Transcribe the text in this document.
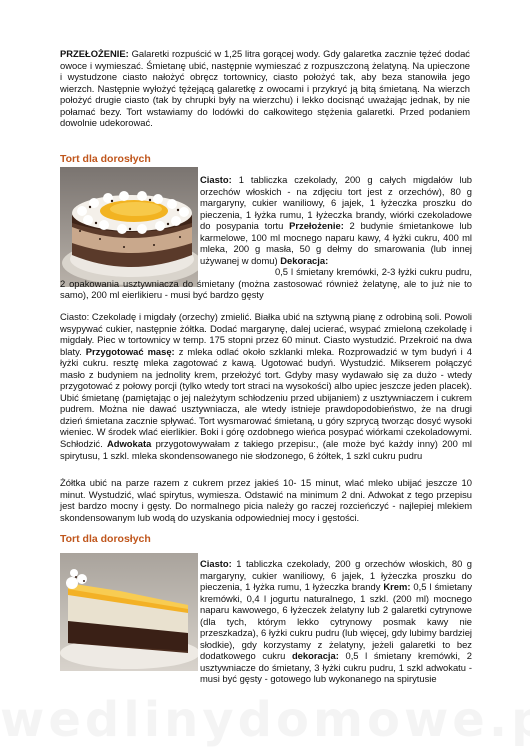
PRZEŁOŻENIE: Galaretki rozpuścić w 1,25 litra gorącej wody. Gdy galaretka zacznie tężeć dodać owoce i wymieszać. Śmietanę ubić, następnie wymieszać z rozpuszczoną żelatyną. Na upieczone i wystudzone ciasto nałożyć obręcz tortownicy, ciasto położyć tak, aby beza stanowiła jego wierzch. Następnie wyłożyć tężejącą galaretkę z owocami i przykryć ją bitą śmietaną. Na wierzch położyć drugie ciasto (tak by chrupki były na wierzchu) i lekko docisnąć uważając jednak, by nie połamać bezy. Tort wstawiamy do lodówki do całkowitego stężenia galaretki. Przed podaniem dowolnie udekorować.

Tort dla dorosłych

Ciasto: 1 tabliczka czekolady, 200 g całych migdałów lub orzechów włoskich - na zdjęciu tort jest z orzechów), 80 g margaryny, cukier waniliowy, 6 jajek, 1 łyżeczka proszku do pieczenia, 1 łyżka rumu, 1 łyżeczka brandy, wiórki czekoladowe do posypania tortu Przełożenie: 2 budynie śmietankowe lub karmelowe, 100 ml mocnego naparu kawy, 4 łyżki cukru, 400 ml mleka, 200 g masła, 50 g dełmy do smarowania (lub innej używanej w domu) Dekoracja:
0,5 l śmietany kremówki, 2-3 łyżki cukru pudru, 2 opakowania usztywniacza do śmietany (można zastosować również żelatynę, ale to już nie to samo), 200 ml eierlikieru - musi być bardzo gęsty

Ciasto: Czekoladę i migdały (orzechy) zmielić. Białka ubić na sztywną pianę z odrobiną soli. Powoli wsypywać cukier, następnie żółtka. Dodać margarynę, dalej ucierać, wsypać zmieloną czekoladę i migdały. Piec w tortownicy w temp. 175 stopni przez 60 minut. Ciasto wystudzić. Przekroić na dwa blaty. Przygotować masę: z mleka odlać około szklanki mleka. Rozprowadzić w tym budyń i 4 łyżki cukru. resztę mleka zagotować z kawą. Ugotować budyń. Wystudzić. Mikserem połączyć masło z budyniem na jednolity krem, przełożyć tort. Gdyby masy wydawało się za dużo - wtedy przygotować z połowy porcji (tylko wtedy tort straci na wysokości) albo upiec jeszcze jeden placek). Ubić śmietanę (pamiętając o jej należytym schłodzeniu przed ubijaniem) z usztywniaczem i cukrem pudrem. Można nie dawać usztywniacza, ale wtedy istnieje prawdopodobieństwo, że na drugi dzień śmietana zacznie spływać. Tort wysmarować śmietaną, u góry szprycą tworząc dosyć wysoki wieniec. W środek wlać eierlikier. Boki i górę ozdobnego wieńca posypać wiórkami czekoladowymi. Schłodzić. Adwokata przygotowywałam z takiego przepisu:, (ale może być każdy inny) 200 ml spirytusu, 1 szkl. mleka skondensowanego nie słodzonego, 6 żółtek, 1 szkl cukru pudru

Żółtka ubić na parze razem z cukrem przez jakieś 10- 15 minut, wlać mleko ubijać jeszcze 10 minut. Wystudzić, wlać spirytus, wymiesza. Odstawić na minimum 2 dni. Adwokat z tego przepisu jest bardzo mocny i gęsty. Do normalnego picia należy go raczej rozcieńczyć - najlepiej mlekiem skondensowanym lub wodą do uzyskania odpowiedniej mocy i gęstości.

Tort dla dorosłych

Ciasto: 1 tabliczka czekolady, 200 g orzechów włoskich, 80 g margaryny, cukier waniliowy, 6 jajek, 1 łyżeczka proszku do pieczenia, 1 łyżka rumu, 1 łyżeczka brandy Krem: 0,5 l śmietany kremówki, 0,4 l jogurtu naturalnego, 1 szkl. (200 ml) mocnego naparu kawowego, 6 łyżeczek żelatyny lub 2 galaretki cytrynowe (dla tych, którym lekko cytrynowy posmak kawy nie przeszkadza), 6 łyżki cukru pudru (lub więcej, gdy lubimy bardziej słodkie), gdy korzystamy z żelatyny, jeżeli galaretki to bez dodatkowego cukru dekoracja: 0,5 l śmietany kremówki, 2 usztywniacze do śmietany, 3 łyżki cukru pudru, 1 szkl adwokatu - musi być gęsty - gotowego lub wykonanego na spirytusie
